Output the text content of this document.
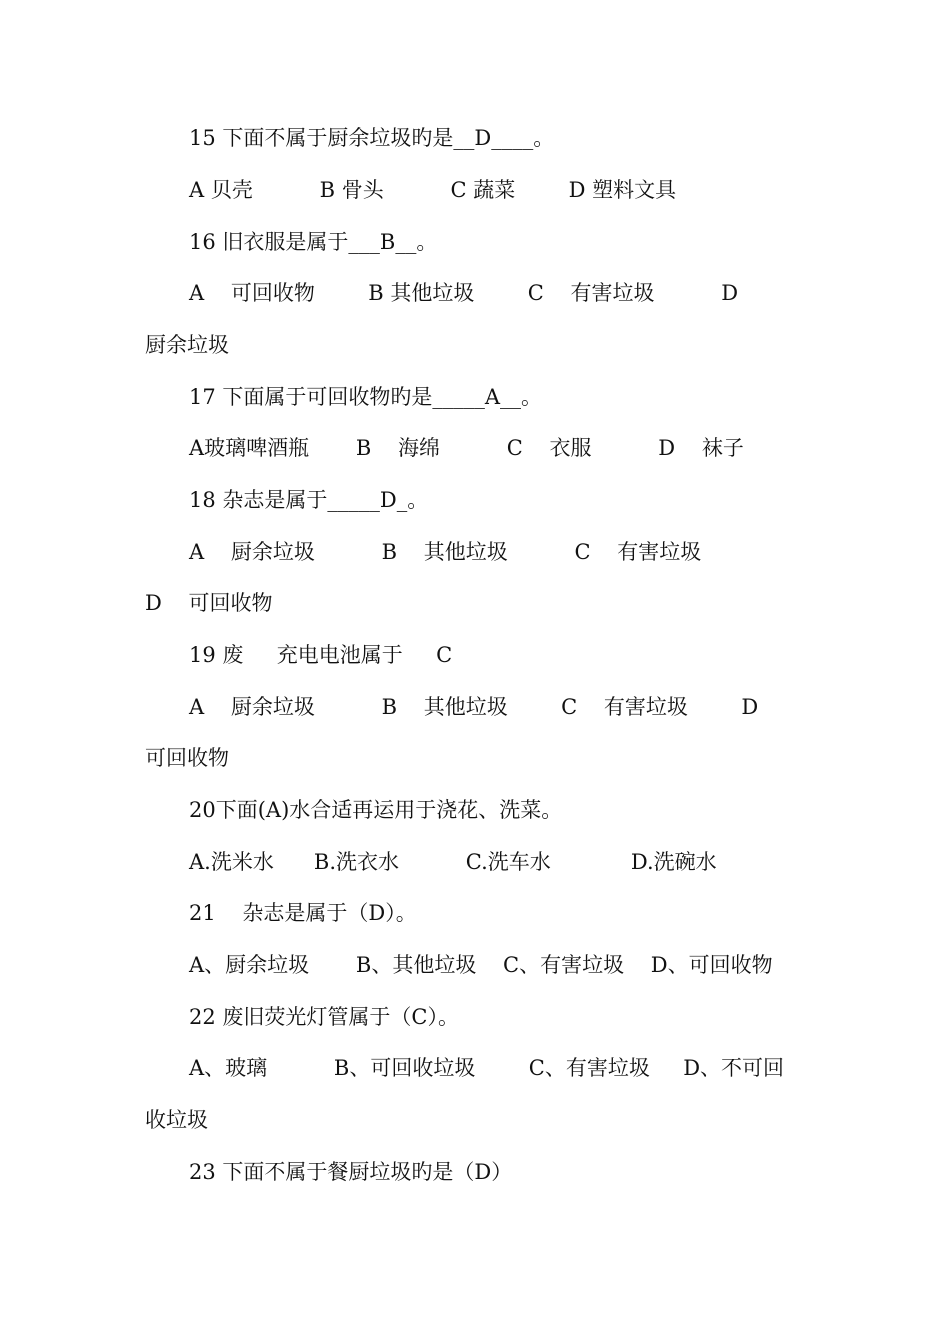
15 下面不属于厨余垃圾旳是__D____。

A 贝壳          B 骨头          C 蔬菜        D 塑料文具

16 旧衣服是属于___B__。

A    可回收物        B 其他垃圾        C    有害垃圾          D

厨余垃圾

17 下面属于可回收物旳是_____A__。

A玻璃啤酒瓶       B    海绵          C    衣服          D    袜子

18 杂志是属于_____D_。

A    厨余垃圾          B    其他垃圾          C    有害垃圾

D    可回收物

19 废     充电电池属于     C

A    厨余垃圾          B    其他垃圾        C    有害垃圾        D

可回收物

20下面(A)水合适再运用于浇花、洗菜。

A.洗米水      B.洗衣水          C.洗车水            D.洗碗水

21    杂志是属于（D）。

A、厨余垃圾       B、其他垃圾    C、有害垃圾    D、可回收物

22 废旧荧光灯管属于（C）。

A、玻璃          B、可回收垃圾        C、有害垃圾     D、不可回

收垃圾

23 下面不属于餐厨垃圾旳是（D）
